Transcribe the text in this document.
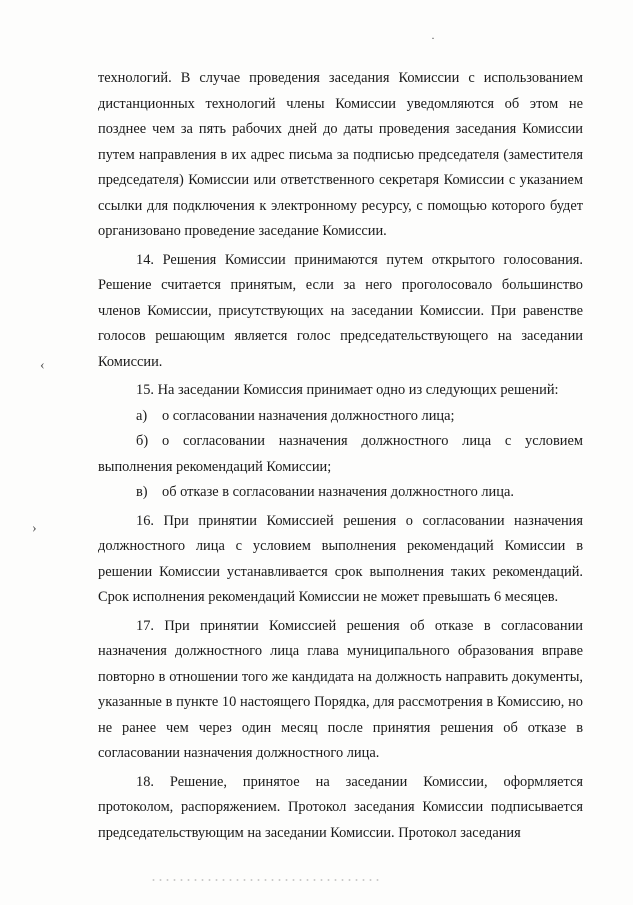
·
‹
›

технологий. В случае проведения заседания Комиссии с использованием дистанционных технологий члены Комиссии уведомляются об этом не позднее чем за пять рабочих дней до даты проведения заседания Комиссии путем направления в их адрес письма за подписью председателя (заместителя председателя) Комиссии или ответственного секретаря Комиссии с указанием ссылки для подключения к электронному ресурсу, с помощью которого будет организовано проведение заседание Комиссии.

14. Решения Комиссии принимаются путем открытого голосования. Решение считается принятым, если за него проголосовало большинство членов Комиссии, присутствующих на заседании Комиссии. При равенстве голосов решающим является голос председательствующего на заседании Комиссии.

15. На заседании Комиссия принимает одно из следующих решений:

а) о согласовании назначения должностного лица;

б) о согласовании назначения должностного лица с условием выполнения рекомендаций Комиссии;

в) об отказе в согласовании назначения должностного лица.

16. При принятии Комиссией решения о согласовании назначения должностного лица с условием выполнения рекомендаций Комиссии в решении Комиссии устанавливается срок выполнения таких рекомендаций. Срок исполнения рекомендаций Комиссии не может превышать 6 месяцев.

17. При принятии Комиссией решения об отказе в согласовании назначения должностного лица глава муниципального образования вправе повторно в отношении того же кандидата на должность направить документы, указанные в пункте 10 настоящего Порядка, для рассмотрения в Комиссию, но не ранее чем через один месяц после принятия решения об отказе в согласовании назначения должностного лица.

18. Решение, принятое на заседании Комиссии, оформляется протоколом, распоряжением. Протокол заседания Комиссии подписывается председательствующим на заседании Комиссии. Протокол заседания
